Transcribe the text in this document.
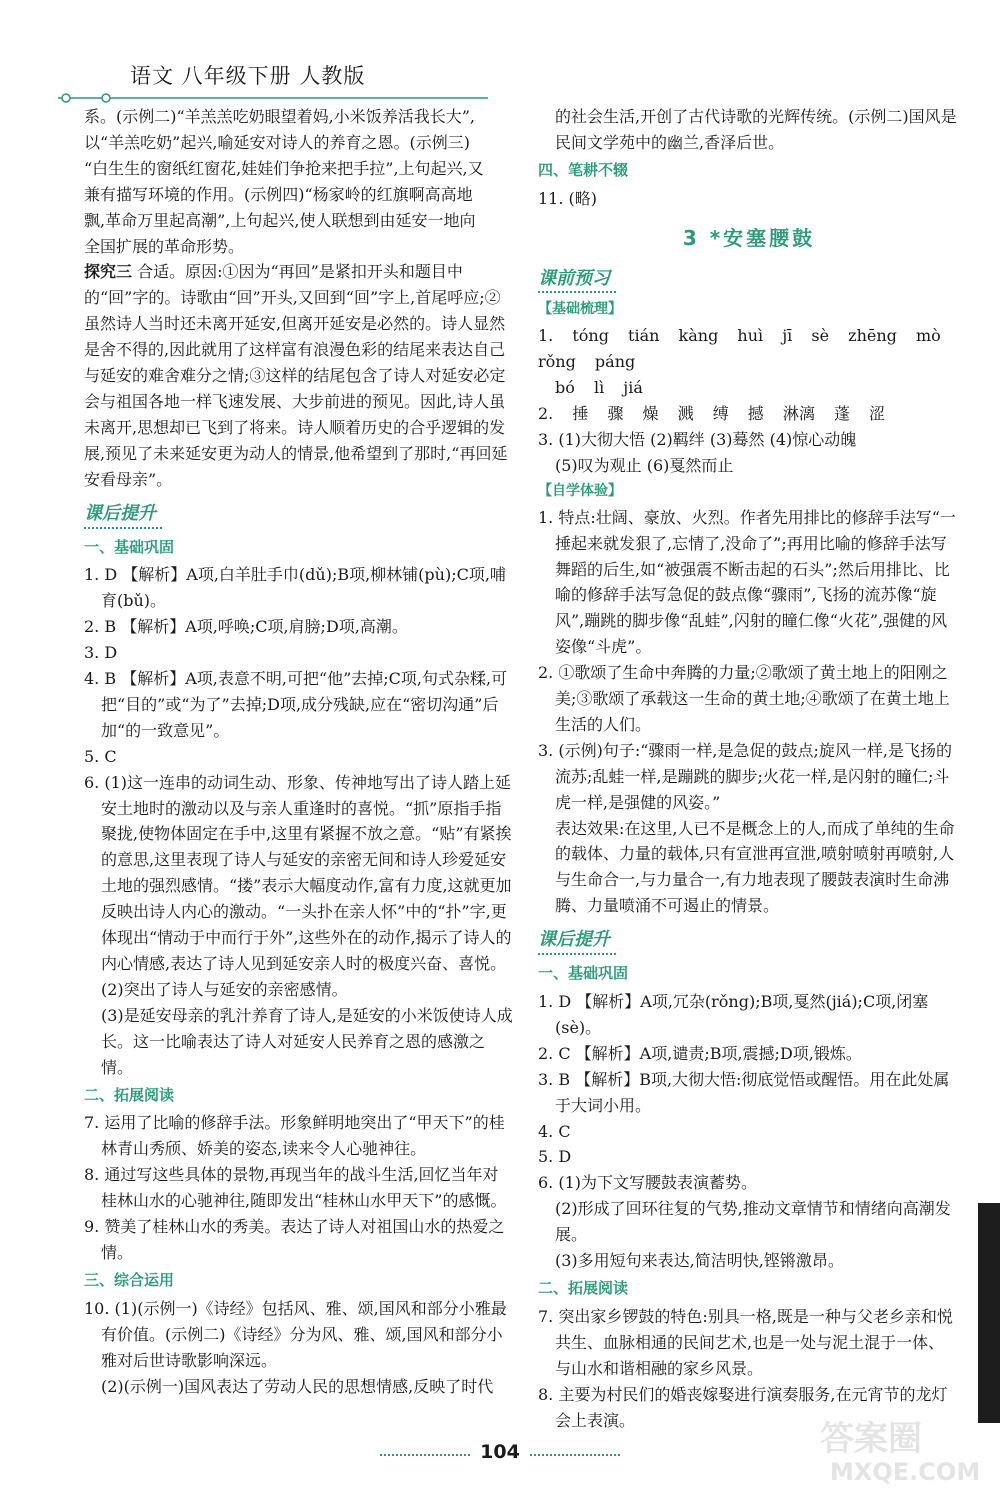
语文 八年级下册 人教版

系。(示例二)“羊羔羔吃奶眼望着妈,小米饭养活我长大”,

以“羊羔吃奶”起兴,喻延安对诗人的养育之恩。(示例三)

“白生生的窗纸红窗花,娃娃们争抢来把手拉”,上句起兴,又

兼有描写环境的作用。(示例四)“杨家岭的红旗啊高高地

飘,革命万里起高潮”,上句起兴,使人联想到由延安一地向

全国扩展的革命形势。

探究三 合适。原因:①因为“再回”是紧扣开头和题目中的“回”字的。诗歌由“回”开头,又回到“回”字上,首尾呼应;②虽然诗人当时还未离开延安,但离开延安是必然的。诗人显然是舍不得的,因此就用了这样富有浪漫色彩的结尾来表达自己与延安的难舍难分之情;③这样的结尾包含了诗人对延安必定会与祖国各地一样飞速发展、大步前进的预见。因此,诗人虽未离开,思想却已飞到了将来。诗人顺着历史的合乎逻辑的发展,预见了未来延安更为动人的情景,他希望到了那时,“再回延安看母亲”。

课后提升
一、基础巩固

1. D 【解析】A项,白羊肚手巾(dǔ);B项,柳林铺(pù);C项,哺育(bǔ)。

2. B 【解析】A项,呼唤;C项,肩膀;D项,高潮。

3. D

4. B 【解析】A项,表意不明,可把“他”去掉;C项,句式杂糅,可把“目的”或“为了”去掉;D项,成分残缺,应在“密切沟通”后加“的一致意见”。

5. C

6. (1)这一连串的动词生动、形象、传神地写出了诗人踏上延安土地时的激动以及与亲人重逢时的喜悦。“抓”原指手指聚拢,使物体固定在手中,这里有紧握不放之意。“贴”有紧挨的意思,这里表现了诗人与延安的亲密无间和诗人珍爱延安土地的强烈感情。“搂”表示大幅度动作,富有力度,这就更加反映出诗人内心的激动。“一头扑在亲人怀”中的“扑”字,更体现出“情动于中而行于外”,这些外在的动作,揭示了诗人的内心情感,表达了诗人见到延安亲人时的极度兴奋、喜悦。

(2)突出了诗人与延安的亲密感情。

(3)是延安母亲的乳汁养育了诗人,是延安的小米饭使诗人成长。这一比喻表达了诗人对延安人民养育之恩的感激之情。

二、拓展阅读

7. 运用了比喻的修辞手法。形象鲜明地突出了“甲天下”的桂林青山秀颀、娇美的姿态,读来令人心驰神往。

8. 通过写这些具体的景物,再现当年的战斗生活,回忆当年对桂林山水的心驰神往,随即发出“桂林山水甲天下”的感慨。

9. 赞美了桂林山水的秀美。表达了诗人对祖国山水的热爱之情。

三、综合运用

10. (1)(示例一)《诗经》包括风、雅、颂,国风和部分小雅最有价值。(示例二)《诗经》分为风、雅、颂,国风和部分小雅对后世诗歌影响深远。

(2)(示例一)国风表达了劳动人民的思想情感,反映了时代

的社会生活,开创了古代诗歌的光辉传统。(示例二)国风是民间文学苑中的幽兰,香泽后世。

四、笔耕不辍

11. (略)

3 *安塞腰鼓
课前预习
【基础梳理】

1. tóng tián kàng huì jī sè zhēng mò rǒng páng

bó lì jiá

2. 捶 骤 燥 溅 缚 撼 淋漓 蓬 涩

3. (1)大彻大悟 (2)羁绊 (3)蓦然 (4)惊心动魄

(5)叹为观止 (6)戛然而止

【自学体验】

1. 特点:壮阔、豪放、火烈。作者先用排比的修辞手法写“一捶起来就发狠了,忘情了,没命了”;再用比喻的修辞手法写舞蹈的后生,如“被强震不断击起的石头”;然后用排比、比喻的修辞手法写急促的鼓点像“骤雨”,飞扬的流苏像“旋风”,蹦跳的脚步像“乱蛙”,闪射的瞳仁像“火花”,强健的风姿像“斗虎”。

2. ①歌颂了生命中奔腾的力量;②歌颂了黄土地上的阳刚之美;③歌颂了承载这一生命的黄土地;④歌颂了在黄土地上生活的人们。

3. (示例)句子:“骤雨一样,是急促的鼓点;旋风一样,是飞扬的流苏;乱蛙一样,是蹦跳的脚步;火花一样,是闪射的瞳仁;斗虎一样,是强健的风姿。”

表达效果:在这里,人已不是概念上的人,而成了单纯的生命的载体、力量的载体,只有宣泄再宣泄,喷射喷射再喷射,人与生命合一,与力量合一,有力地表现了腰鼓表演时生命沸腾、力量喷涌不可遏止的情景。

课后提升
一、基础巩固

1. D 【解析】A项,冗杂(rǒng);B项,戛然(jiá);C项,闭塞(sè)。

2. C 【解析】A项,谴责;B项,震撼;D项,锻炼。

3. B 【解析】B项,大彻大悟:彻底觉悟或醒悟。用在此处属于大词小用。

4. C

5. D

6. (1)为下文写腰鼓表演蓄势。

(2)形成了回环往复的气势,推动文章情节和情绪向高潮发展。

(3)多用短句来表达,简洁明快,铿锵激昂。

二、拓展阅读

7. 突出家乡锣鼓的特色:别具一格,既是一种与父老乡亲和悦共生、血脉相通的民间艺术,也是一处与泥土混于一体、与山水和谐相融的家乡风景。

8. 主要为村民们的婚丧嫁娶进行演奏服务,在元宵节的龙灯会上表演。

104	答案圈
MXQE.COM
